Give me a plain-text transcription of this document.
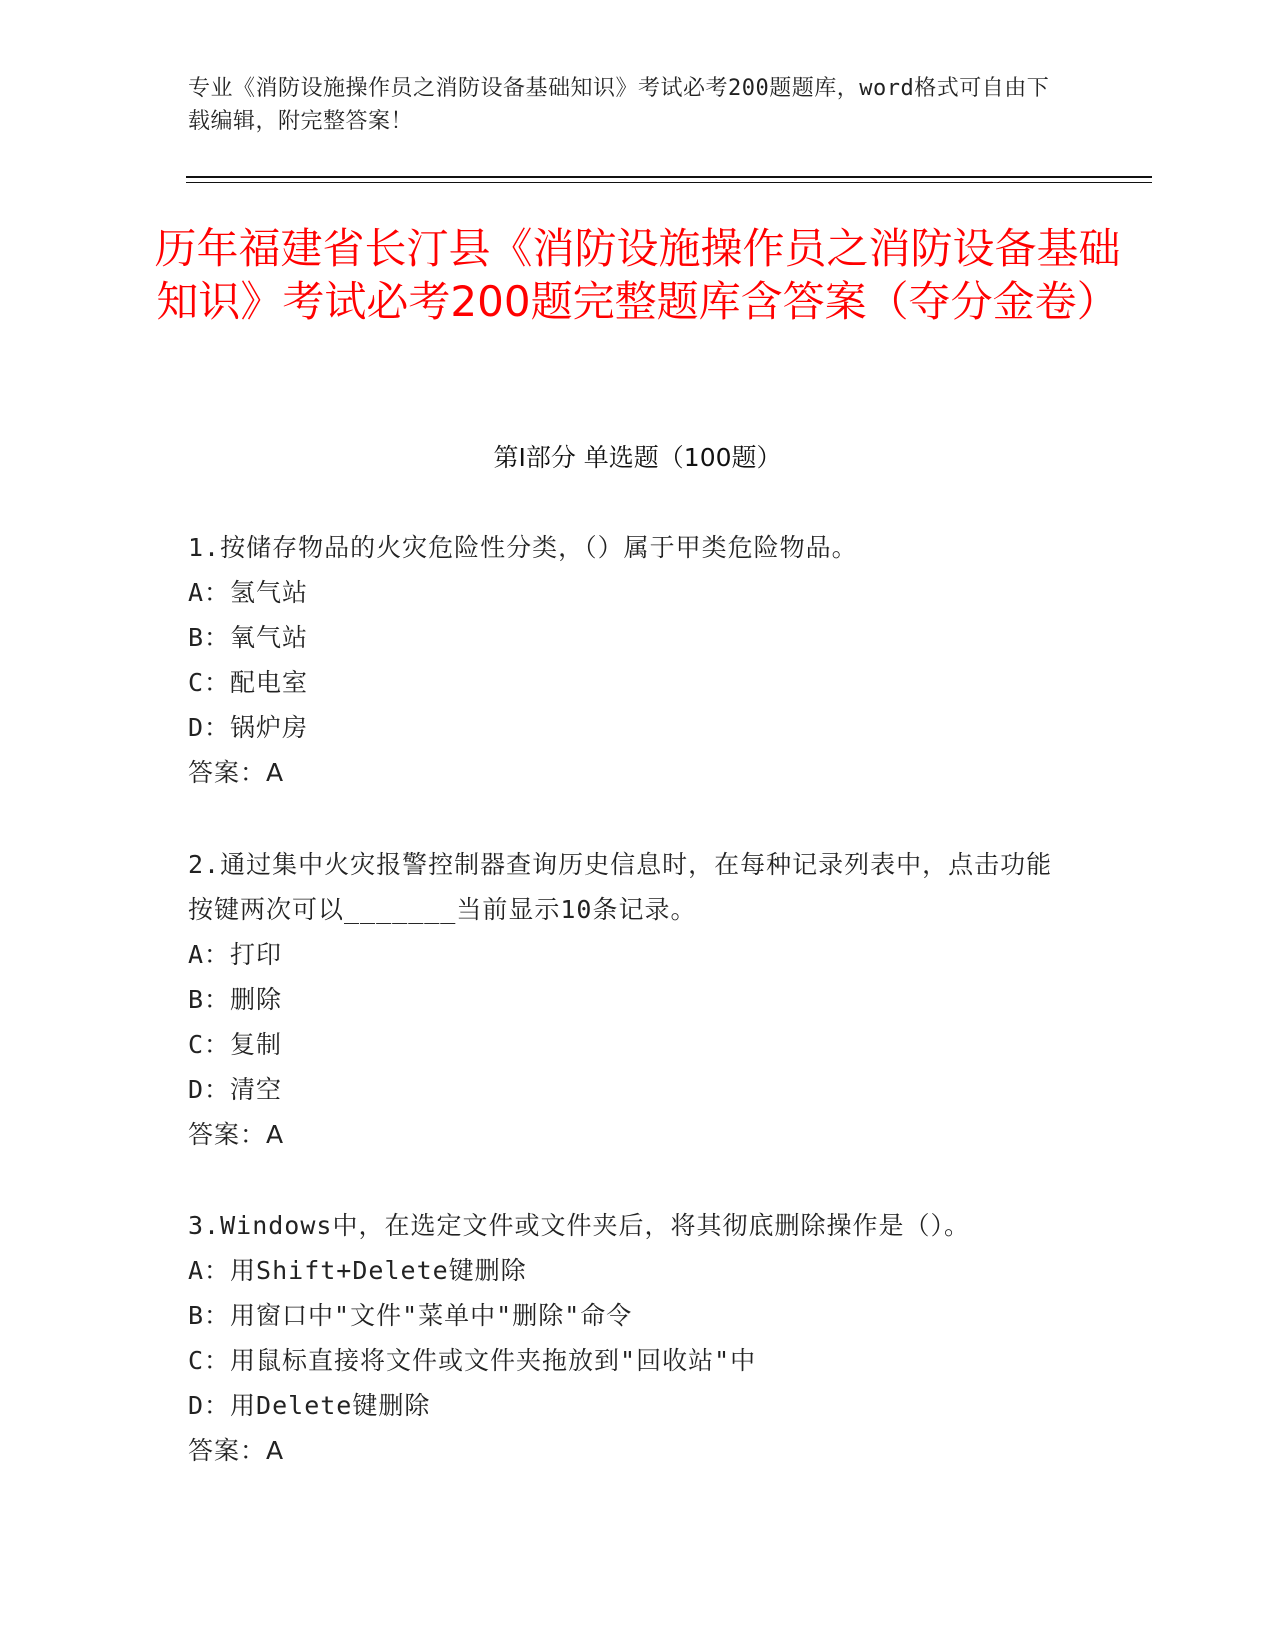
专业《消防设施操作员之消防设备基础知识》考试必考200题题库，word格式可自由下载编辑，附完整答案！
历年福建省长汀县《消防设施操作员之消防设备基础知识》考试必考200题完整题库含答案（夺分金卷）
第I部分 单选题（100题）
1.按储存物品的火灾危险性分类，（）属于甲类危险物品。
A：氢气站
B：氧气站
C：配电室
D：锅炉房
答案：A
2.通过集中火灾报警控制器查询历史信息时，在每种记录列表中，点击功能按键两次可以_______当前显示10条记录。
A：打印
B：删除
C：复制
D：清空
答案：A
3.Windows中，在选定文件或文件夹后，将其彻底删除操作是（）。
A：用Shift+Delete键删除
B：用窗口中"文件"菜单中"删除"命令
C：用鼠标直接将文件或文件夹拖放到"回收站"中
D：用Delete键删除
答案：A
